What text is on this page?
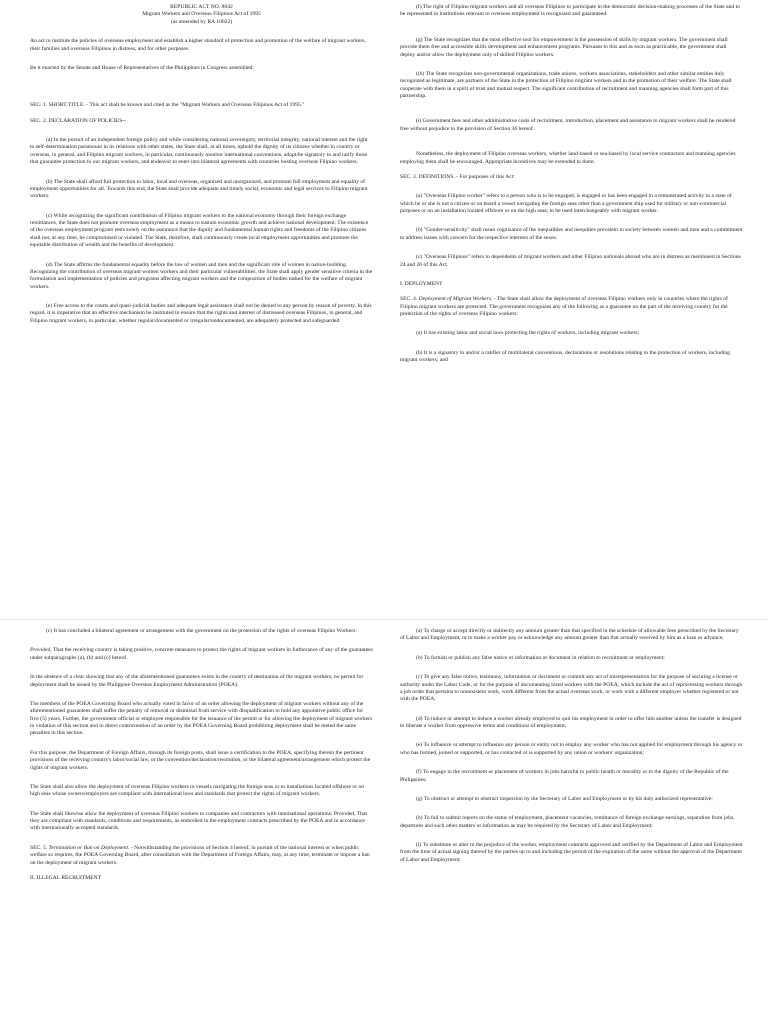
REPUBLIC ACT NO. 8042
Migrant Workers and Overseas Filipinos Act of 1995
(as amended by RA 10022)

An act to institute the policies of overseas employment and establish a higher standard of protection and promotion of the welfare of migrant workers, their families and overseas Filipinos in distress, and for other purposes.

Be it enacted by the Senate and House of Representatives of the Philippines in Congress assembled:

SEC. 1. SHORT TITLE. - This act shall be known and cited as the "Migrant Workers and Overseas Filipinos Act of 1995."

SEC. 2. DECLARATION OF POLICIES--

(a) In the pursuit of an independent foreign policy and while considering national sovereignty, territorial integrity, national interest and the right to self-determination paramount in its relations with other states, the State shall, at all times, uphold the dignity of its citizens whether in country or overseas, in general, and Filipino migrant workers, in particular, continuously monitor international conventions, adopt/be signatory to and ratify those that guarantee protection to our migrant workers, and endeavor to enter into bilateral agreements with countries hosting overseas Filipino workers.

(b) The State shall afford full protection to labor, local and overseas, organized and unorganized, and promote full employment and equality of employment opportunities for all. Towards this end, the State shall provide adequate and timely social, economic and legal services to Filipino migrant workers.

(c) While recognizing the significant contribution of Filipino migrant workers to the national economy through their foreign exchange remittances, the State does not promote overseas employment as a means to sustain economic growth and achieve national development. The existence of the overseas employment program rests solely on the assurance that the dignity and fundamental human rights and freedoms of the Filipino citizens shall not, at any time, be compromised or violated. The State, therefore, shall continuously create local employment opportunities and promote the equitable distribution of wealth and the benefits of development.

(d) The State affirms the fundamental equality before the law of women and men and the significant role of women in nation-building. Recognizing the contribution of overseas migrant women workers and their particular vulnerabilities, the State shall apply gender sensitive criteria in the formulation and implementation of policies and programs affecting migrant workers and the composition of bodies tasked for the welfare of migrant workers.

(e) Free access to the courts and quasi-judicial bodies and adequate legal assistance shall not be denied to any person by reason of poverty. In this regard, it is imperative that an effective mechanism be instituted to ensure that the rights and interest of distressed overseas Filipinos, in general, and Filipino migrant workers, in particular, whether regular/documented or irregular/undocumented, are adequately protected and safeguarded.

(f) The right of Filipino migrant workers and all overseas Filipinos to participate in the democratic decision-making processes of the State and to be represented in institutions relevant to overseas employment is recognized and guaranteed.

(g) The State recognizes that the most effective tool for empowerment is the possession of skills by migrant workers. The government shall provide them free and accessible skills development and enhancement programs. Pursuant to this and as soon as practicable, the government shall deploy and/or allow the deployment only of skilled Filipino workers.

((h) The State recognizes non-governmental organizations, trade unions, workers associations, stakeholders and other similar entities duly recognized as legitimate, are partners of the State in the protection of Filipino migrant workers and in the promotion of their welfare. The State shall cooperate with them in a spirit of trust and mutual respect. The significant contribution of recruitment and manning agencies shall form part of this partnership.

(i) Government fees and other administrative costs of recruitment, introduction, placement and assistance to migrant workers shall be rendered free without prejudice to the provision of Section 36 hereof.

Nonetheless, the deployment of Filipino overseas workers, whether land-based or sea-based by local service contractors and manning agencies employing them shall be encouraged. Appropriate incentives may be extended to them.

SEC. 3. DEFINITIONS. - For purposes of this Act:

(a) "Overseas Filipino worker" refers to a person who is to be engaged, is engaged or has been engaged in a remunerated activity in a state of which he or she is not a citizen or on board a vessel navigating the foreign seas other than a government ship used for military or non-commercial purposes or on an installation located offshore or on the high seas; to be used interchangeably with migrant worker.

(b) "Gender-sensitivity" shall mean cognizance of the inequalities and inequities prevalent in society between women and men and a commitment to address issues with concern for the respective interests of the sexes.

(c) "Overseas Filipinos" refers to dependents of migrant workers and other Filipino nationals abroad who are in distress as mentioned in Sections 24 and 26 of this Act.

I. DEPLOYMENT

SEC. 4. Deployment of Migrant Workers. - The State shall allow the deployment of overseas Filipino workers only in countries where the rights of Filipino migrant workers are protected. The government recognizes any of the following as a guarantee on the part of the receiving country for the protection of the rights of overseas Filipino workers:

(a) It has existing labor and social laws protecting the rights of workers, including migrant workers;

(b) It is a signatory to and/or a ratifier of multilateral conventions, declarations or resolutions relating to the protection of workers, including migrant workers; and

(c) It has concluded a bilateral agreement or arrangement with the government on the protection of the rights of overseas Filipino Workers:

Provided, That the receiving country is taking positive, concrete measures to protect the rights of migrant workers in furtherance of any of the guarantees under subparagraphs (a), (b) and (c) hereof.

In the absence of a clear showing that any of the aforementioned guarantees exists in the country of destination of the migrant workers, no permit for deployment shall be issued by the Philippine Overseas Employment Administration (POEA).

The members of the POEA Governing Board who actually voted in favor of an order allowing the deployment of migrant workers without any of the aforementioned guarantees shall suffer the penalty of removal or dismissal from service with disqualification to hold any appointive public office for five (5) years, Further, the government official or employee responsible for the issuance of the permit or for allowing the deployment of migrant workers in violation of this section and in direct contravention of an order by the POEA Governing Board prohibiting deployment shall be meted the same penalties in this section.

For this purpose, the Department of Foreign Affairs, through its foreign posts, shall issue a certification to the POEA, specifying therein the pertinent provisions of the receiving country's labor/social law, or the convention/declaration/resolution, or the bilateral agreement/arrangement which protect the rights of migrant workers.

The State shall also allow the deployment of overseas Filipino workers to vessels navigating the foreign seas or to installations located offshore or on high seas whose owners/employers are compliant with international laws and standards that protect the rights of migrant workers.

The State shall likewise allow the deployment of overseas Filipino workers to companies and contractors with international operations: Provided, That they are compliant with standards, conditions and requirements, as embodied in the employment contracts prescribed by the POEA and in accordance with internationally-accepted standards.

SEC. 5. Termination or Ban on Deployment. - Notwithstanding the provisions of Section 4 hereof, in pursuit of the national interest or when public welfare so requires, the POEA Governing Board, after consultation with the Department of Foreign Affairs, may, at any time, terminate or impose a ban on the deployment of migrant workers.

II. ILLEGAL RECRUITMENT

(a) To charge or accept directly or indirectly any amount greater than that specified in the schedule of allowable fees prescribed by the Secretary of Labor and Employment, or to make a worker pay or acknowledge any amount greater than that actually received by him as a loan or advance;

(b) To furnish or publish any false notice or information or document in relation to recruitment or employment;

(c) To give any false notice, testimony, information or document or commit any act of misrepresentation for the purpose of securing a license or authority under the Labor Code, or for the purpose of documenting hired workers with the POEA, which include the act of reprocessing workers through a job order that pertains to nonexistent work, work different from the actual overseas work, or work with a different employer whether registered or not with the POEA;

(d) To induce or attempt to induce a worker already employed to quit his employment in order to offer him another unless the transfer is designed to liberate a worker from oppressive terms and conditions of employment;

(e) To influence or attempt to influence any person or entity not to employ any worker who has not applied for employment through his agency or who has formed, joined or supported, or has contacted or is supported by any union or workers' organization;

(f) To engage in the recruitment or placement of workers in jobs harmful to public health or morality or to the dignity of the Republic of the Philippines;

(g) To obstruct or attempt to obstruct inspection by the Secretary of Labor and Employment or by his duly authorized representative;

(h) To fail to submit reports on the status of employment, placement vacancies, remittance of foreign exchange earnings, separation from jobs, departures and such other matters or information as may be required by the Secretary of Labor and Employment;

(i) To substitute or alter to the prejudice of the worker, employment contracts approved and verified by the Department of Labor and Employment from the time of actual signing thereof by the parties up to and including the period of the expiration of the same without the approval of the Department of Labor and Employment;
